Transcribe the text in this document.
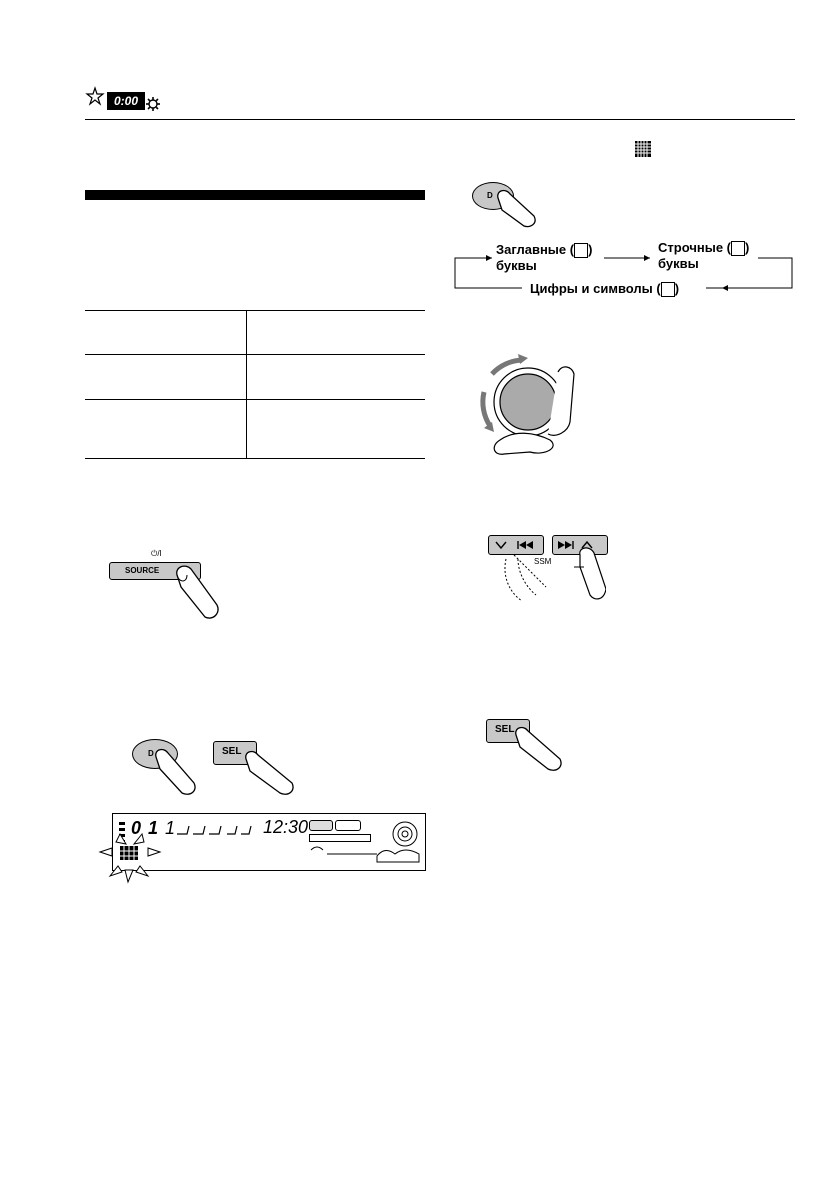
0:00
⏻/I
SOURCE
D	SEL
0 1 1	12:30
D
Заглавные ( )
буквы
Строчные ( )
буквы
Цифры и символы ( )
SSM
SEL
